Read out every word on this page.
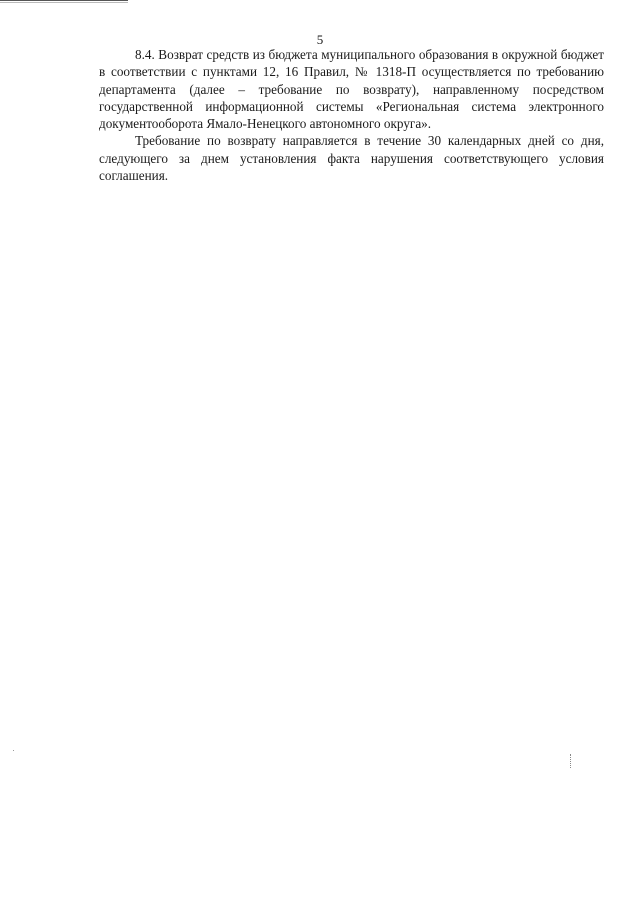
5

8.4. Возврат средств из бюджета муниципального образования в окружной бюджет в соответствии с пунктами 12, 16 Правил, № 1318-П осуществляется по требованию департамента (далее – требование по возврату), направленному посредством государственной информационной системы «Региональная система электронного документооборота Ямало-Ненецкого автономного округа».

Требование по возврату направляется в течение 30 календарных дней со дня, следующего за днем установления факта нарушения соответствующего условия соглашения.
